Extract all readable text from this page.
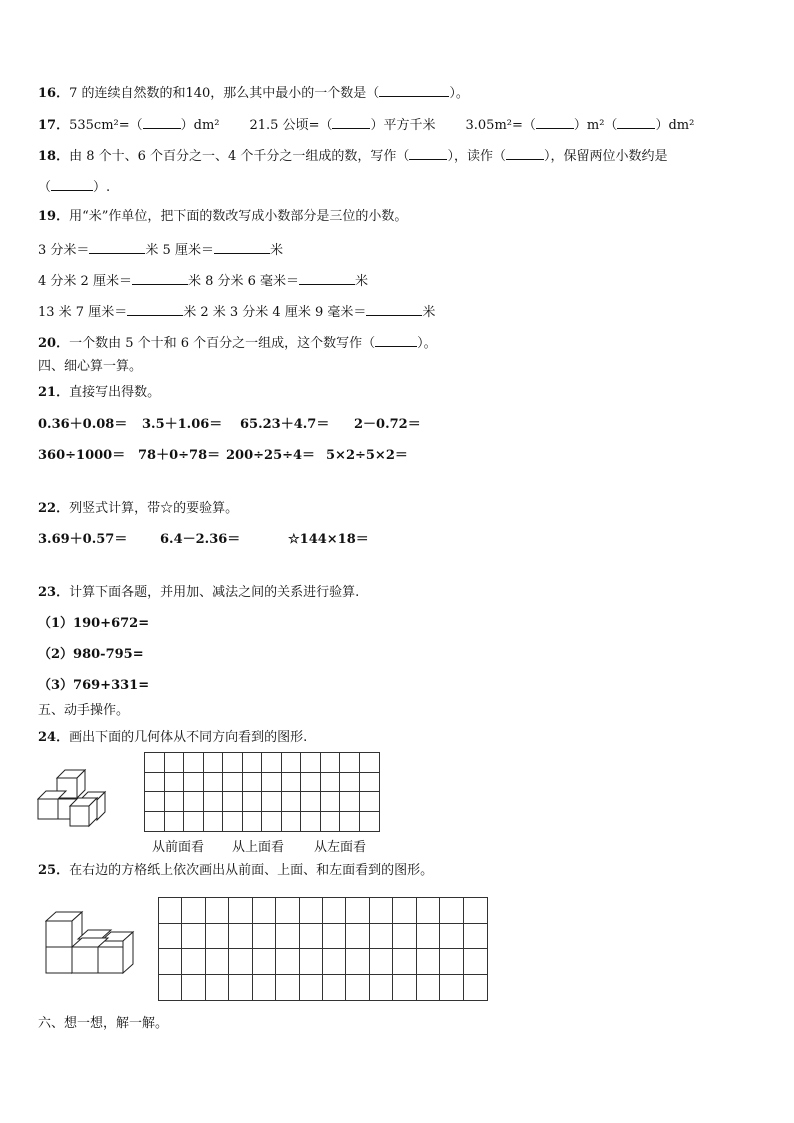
16．7 的连续自然数的和140，那么其中最小的一个数是（	）。
17．535cm²=（	）dm² 21.5 公顷=（	）平方千米 3.05m²=（	）m²（	）dm²
18．由 8 个十、6 个百分之一、4 个千分之一组成的数，写作（	），读作（	），保留两位小数约是
（	）.
19．用“米”作单位，把下面的数改写成小数部分是三位的小数。
3 分米＝	米 5 厘米＝	米
4 分米 2 厘米＝	米 8 分米 6 毫米＝	米
13 米 7 厘米＝	米 2 米 3 分米 4 厘米 9 毫米＝	米
20．一个数由 5 个十和 6 个百分之一组成，这个数写作（	）。
四、细心算一算。
21．直接写出得数。
0.36＋0.08＝ 3.5＋1.06＝ 65.23＋4.7＝ 2－0.72＝
360÷1000＝ 78＋0÷78＝ 200÷25÷4＝ 5×2÷5×2＝
22．列竖式计算，带☆的要验算。
3.69＋0.57＝	6.4－2.36＝	☆144×18＝
23．计算下面各题，并用加、减法之间的关系进行验算.
（1）190+672=
（2）980-795=
（3）769+331=
五、动手操作。
24．画出下面的几何体从不同方向看到的图形.
从前面看 从上面看 从左面看
25．在右边的方格纸上依次画出从前面、上面、和左面看到的图形。
六、想一想，解一解。
